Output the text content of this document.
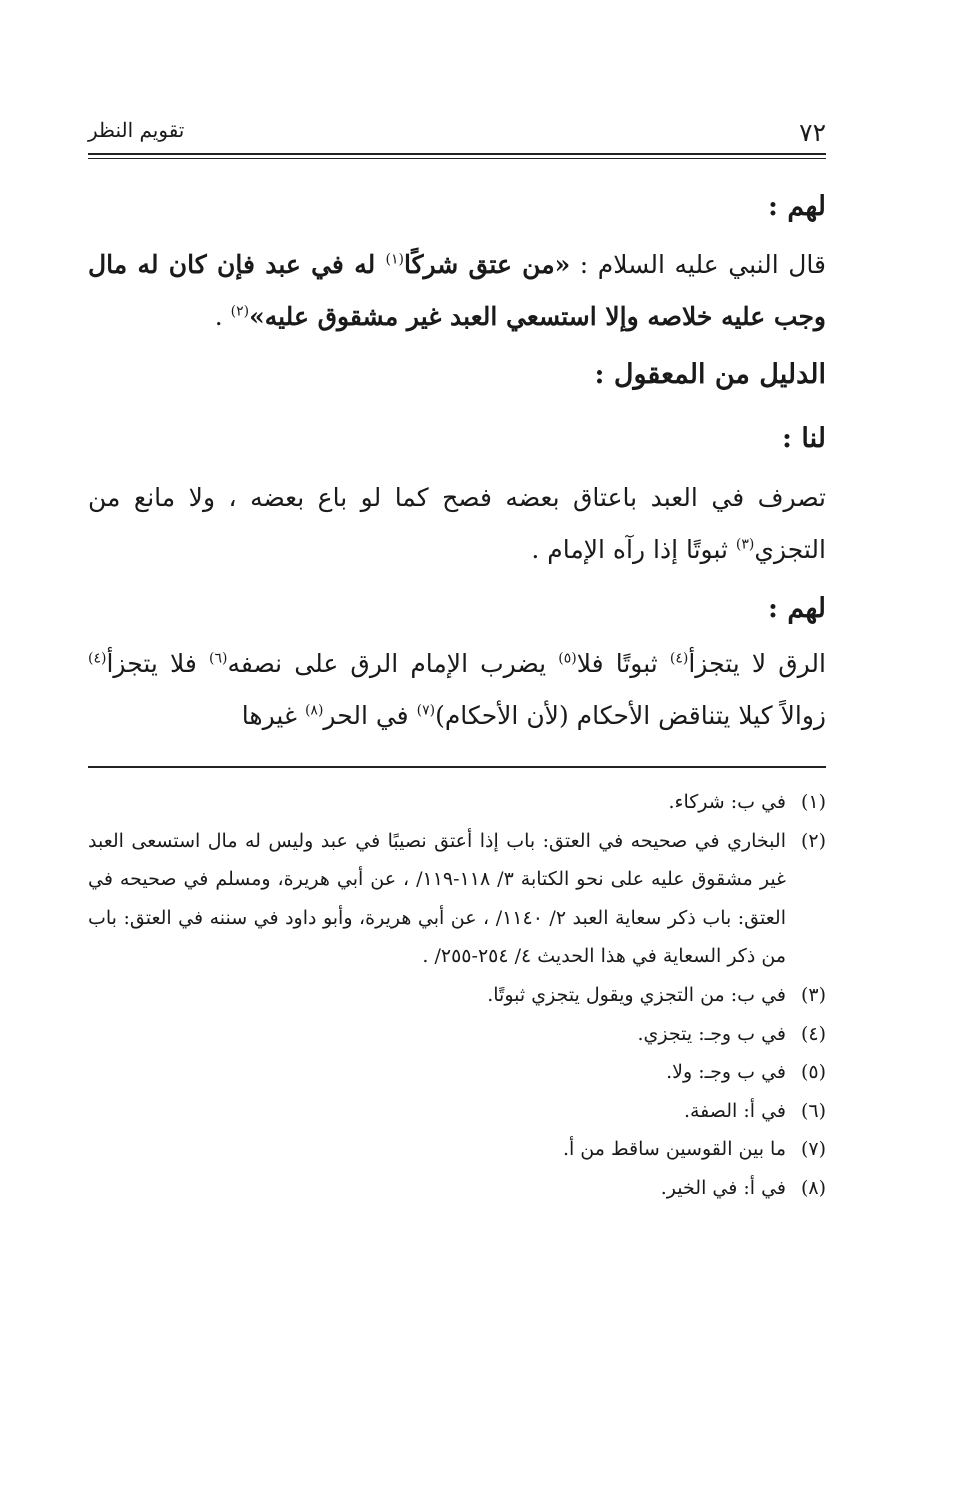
٧٢
تقويم النظر

لهم :

قال النبي عليه السلام : «من عتق شركًا$^{(١)}$ له في عبد فإن كان له مال وجب عليه خلاصه وإلا استسعي العبد غير مشقوق عليه»$^{(٢)}$ .

الدليل من المعقول :

لنا :

تصرف في العبد باعتاق بعضه فصح كما لو باع بعضه ، ولا مانع من التجزي$^{(٣)}$ ثبوتًا إذا رآه الإمام .

لهم :

الرق لا يتجزأ$^{(٤)}$ ثبوتًا فلا$^{(٥)}$ يضرب الإمام الرق على نصفه$^{(٦)}$ فلا يتجزأ$^{(٤)}$ زوالاً كيلا يتناقض الأحكام (لأن الأحكام)$^{(٧)}$ في الحر$^{(٨)}$ غيرها

(١)
في ب: شركاء.
(٢)
البخاري في صحيحه في العتق: باب إذا أعتق نصيبًا في عبد وليس له مال استسعى العبد غير مشقوق عليه على نحو الكتابة ٣/ ١١٨-١١٩/ ، عن أبي هريرة، ومسلم في صحيحه في العتق: باب ذكر سعاية العبد ٢/ ١١٤٠/ ، عن أبي هريرة، وأبو داود في سننه في العتق: باب من ذكر السعاية في هذا الحديث ٤/ ٢٥٤-٢٥٥/ .
(٣)
في ب: من التجزي ويقول يتجزي ثبوتًا.
(٤)
في ب وجـ: يتجزي.
(٥)
في ب وجـ: ولا.
(٦)
في أ: الصفة.
(٧)
ما بين القوسين ساقط من أ.
(٨)
في أ: في الخير.
